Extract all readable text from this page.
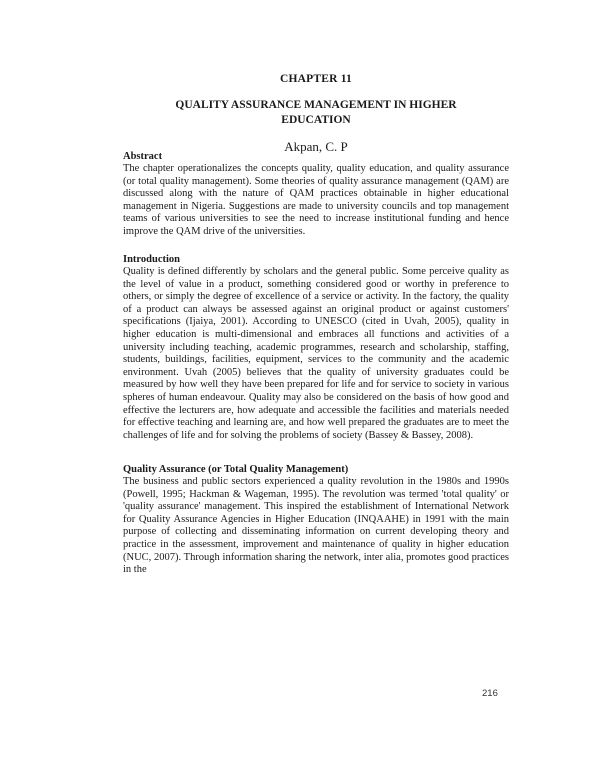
CHAPTER 11
QUALITY ASSURANCE MANAGEMENT IN HIGHER
EDUCATION
Akpan, C. P
Abstract

The chapter operationalizes the concepts quality, quality education, and quality assurance (or total quality management). Some theories of quality assurance management (QAM) are discussed along with the nature of QAM practices obtainable in higher educational management in Nigeria. Suggestions are made to university councils and top management teams of various universities to see the need to increase institutional funding and hence improve the QAM drive of the universities.

Introduction

Quality is defined differently by scholars and the general public. Some perceive quality as the level of value in a product, something considered good or worthy in preference to others, or simply the degree of excellence of a service or activity. In the factory, the quality of a product can always be assessed against an original product or against customers' specifications (Ijaiya, 2001). According to UNESCO (cited in Uvah, 2005), quality in higher education is multi-dimensional and embraces all functions and activities of a university including teaching, academic programmes, research and scholarship, staffing, students, buildings, facilities, equipment, services to the community and the academic environment. Uvah (2005) believes that the quality of university graduates could be measured by how well they have been prepared for life and for service to society in various spheres of human endeavour. Quality may also be considered on the basis of how good and effective the lecturers are, how adequate and accessible the facilities and materials needed for effective teaching and learning are, and how well prepared the graduates are to meet the challenges of life and for solving the problems of society (Bassey & Bassey, 2008).

Quality Assurance (or Total Quality Management)

The business and public sectors experienced a quality revolution in the 1980s and 1990s (Powell, 1995; Hackman & Wageman, 1995). The revolution was termed 'total quality' or 'quality assurance' management. This inspired the establishment of International Network for Quality Assurance Agencies in Higher Education (INQAAHE) in 1991 with the main purpose of collecting and disseminating information on current developing theory and practice in the assessment, improvement and maintenance of quality in higher education (NUC, 2007). Through information sharing the network, inter alia, promotes good practices in the

216
